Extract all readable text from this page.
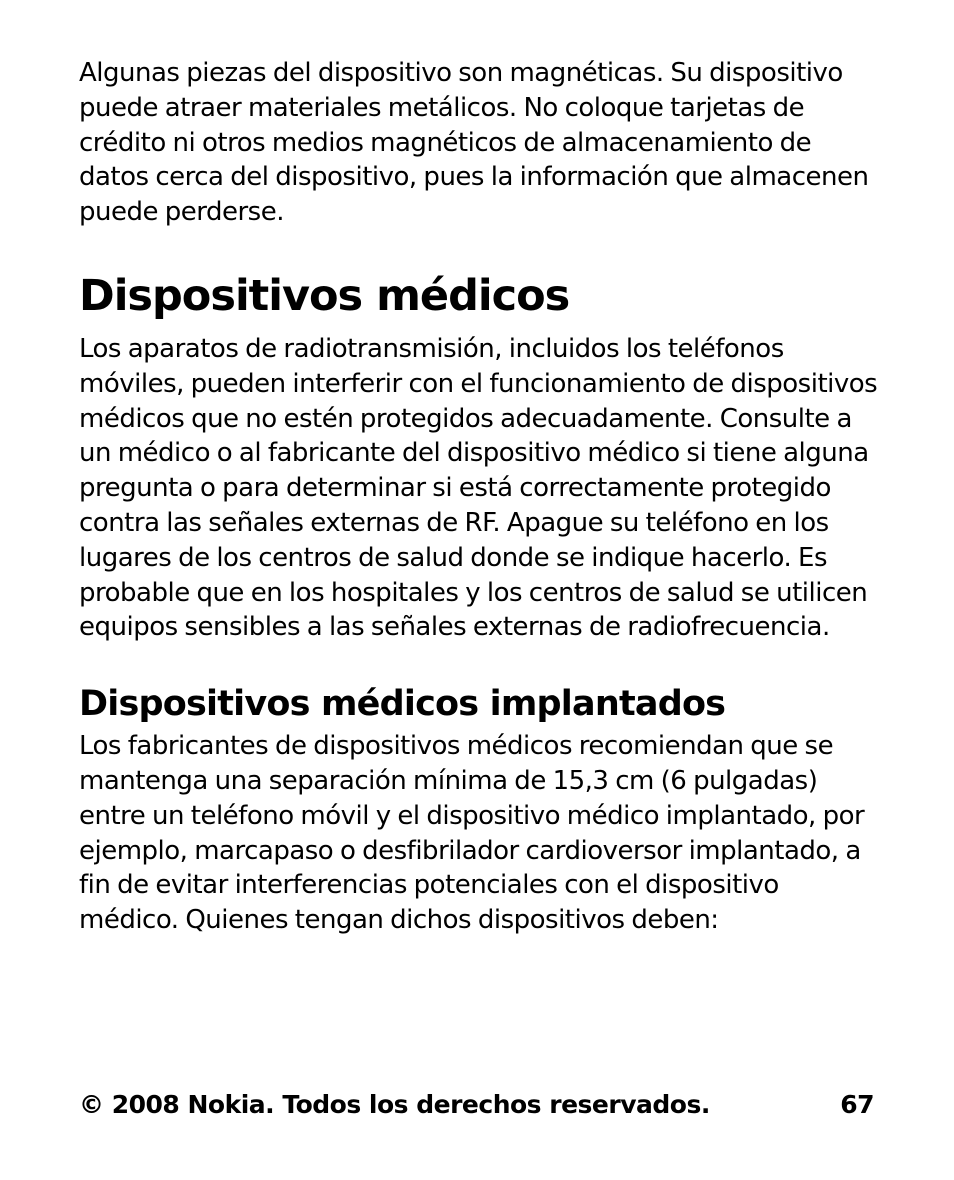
Algunas piezas del dispositivo son magnéticas. Su dispositivo puede atraer materiales metálicos. No coloque tarjetas de crédito ni otros medios magnéticos de almacenamiento de datos cerca del dispositivo, pues la información que almacenen puede perderse.

Dispositivos médicos

Los aparatos de radiotransmisión, incluidos los teléfonos móviles, pueden interferir con el funcionamiento de dispositivos médicos que no estén protegidos adecuadamente. Consulte a un médico o al fabricante del dispositivo médico si tiene alguna pregunta o para determinar si está correctamente protegido contra las señales externas de RF. Apague su teléfono en los lugares de los centros de salud donde se indique hacerlo. Es probable que en los hospitales y los centros de salud se utilicen equipos sensibles a las señales externas de radiofrecuencia.

Dispositivos médicos implantados

Los fabricantes de dispositivos médicos recomiendan que se mantenga una separación mínima de 15,3 cm (6 pulgadas) entre un teléfono móvil y el dispositivo médico implantado, por ejemplo, marcapaso o desfibrilador cardioversor implantado, a fin de evitar interferencias potenciales con el dispositivo médico. Quienes tengan dichos dispositivos deben:

© 2008 Nokia. Todos los derechos reservados.	67
